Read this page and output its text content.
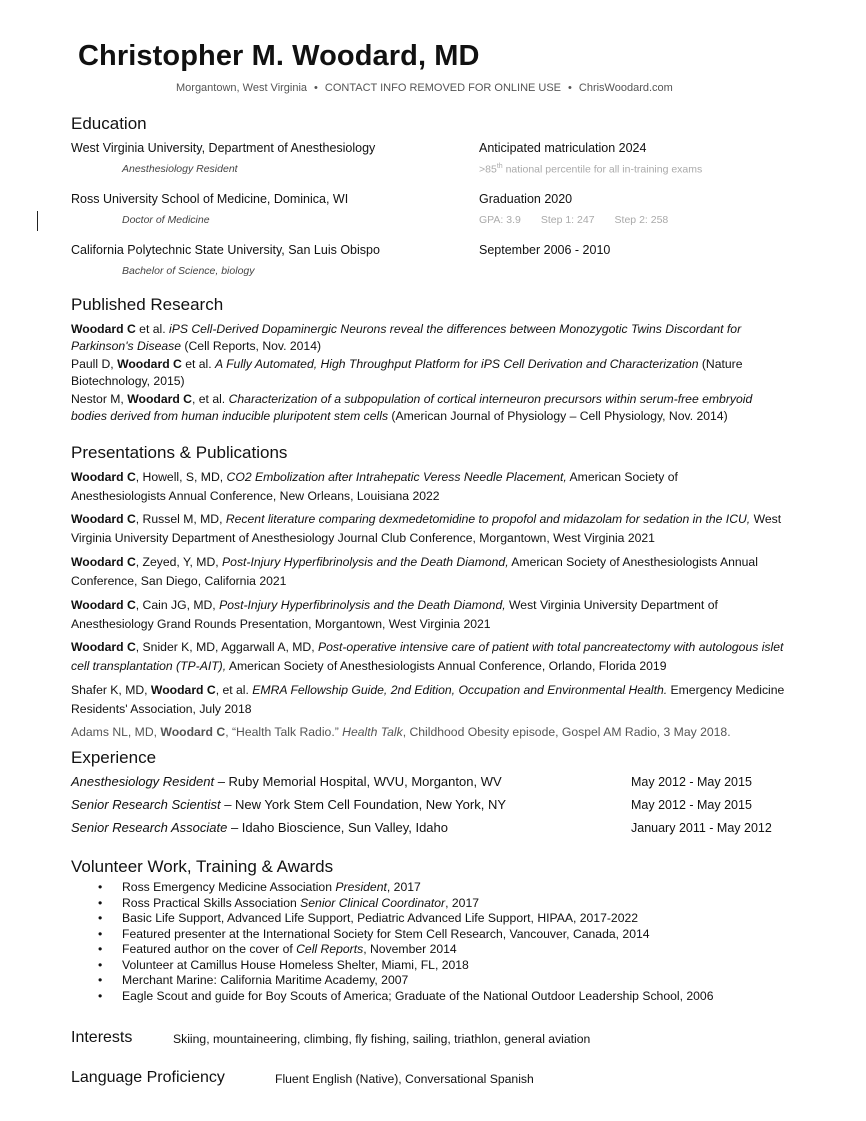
Christopher M. Woodard, MD
Morgantown, West Virginia • CONTACT INFO REMOVED FOR ONLINE USE • ChrisWoodard.com
Education
West Virginia University, Department of Anesthesiology	Anticipated matriculation 2024
Anesthesiology Resident	>85th national percentile for all in-training exams
Ross University School of Medicine, Dominica, WI	Graduation 2020
Doctor of Medicine	GPA: 3.9 Step 1: 247 Step 2: 258
California Polytechnic State University, San Luis Obispo	September 2006 - 2010
Bachelor of Science, biology
Published Research
Woodard C et al. iPS Cell-Derived Dopaminergic Neurons reveal the differences between Monozygotic Twins Discordant for Parkinson's Disease (Cell Reports, Nov. 2014)
Paull D, Woodard C et al. A Fully Automated, High Throughput Platform for iPS Cell Derivation and Characterization (Nature Biotechnology, 2015)
Nestor M, Woodard C, et al. Characterization of a subpopulation of cortical interneuron precursors within serum-free embryoid bodies derived from human inducible pluripotent stem cells (American Journal of Physiology – Cell Physiology, Nov. 2014)
Presentations & Publications
Woodard C, Howell, S, MD, CO2 Embolization after Intrahepatic Veress Needle Placement, American Society of Anesthesiologists Annual Conference, New Orleans, Louisiana 2022
Woodard C, Russel M, MD, Recent literature comparing dexmedetomidine to propofol and midazolam for sedation in the ICU, West Virginia University Department of Anesthesiology Journal Club Conference, Morgantown, West Virginia 2021
Woodard C, Zeyed, Y, MD, Post-Injury Hyperfibrinolysis and the Death Diamond, American Society of Anesthesiologists Annual Conference, San Diego, California 2021
Woodard C, Cain JG, MD, Post-Injury Hyperfibrinolysis and the Death Diamond, West Virginia University Department of Anesthesiology Grand Rounds Presentation, Morgantown, West Virginia 2021
Woodard C, Snider K, MD, Aggarwall A, MD, Post-operative intensive care of patient with total pancreatectomy with autologous islet cell transplantation (TP-AIT), American Society of Anesthesiologists Annual Conference, Orlando, Florida 2019
Shafer K, MD, Woodard C, et al. EMRA Fellowship Guide, 2nd Edition, Occupation and Environmental Health. Emergency Medicine Residents' Association, July 2018
Adams NL, MD, Woodard C, “Health Talk Radio.” Health Talk, Childhood Obesity episode, Gospel AM Radio, 3 May 2018.
Experience
Anesthesiology Resident – Ruby Memorial Hospital, WVU, Morganton, WV	May 2012 - May 2015
Senior Research Scientist – New York Stem Cell Foundation, New York, NY	May 2012 - May 2015
Senior Research Associate – Idaho Bioscience, Sun Valley, Idaho	January 2011 - May 2012
Volunteer Work, Training & Awards
• Ross Emergency Medicine Association President, 2017
• Ross Practical Skills Association Senior Clinical Coordinator, 2017
• Basic Life Support, Advanced Life Support, Pediatric Advanced Life Support, HIPAA, 2017-2022
• Featured presenter at the International Society for Stem Cell Research, Vancouver, Canada, 2014
• Featured author on the cover of Cell Reports, November 2014
• Volunteer at Camillus House Homeless Shelter, Miami, FL, 2018
• Merchant Marine: California Maritime Academy, 2007
• Eagle Scout and guide for Boy Scouts of America; Graduate of the National Outdoor Leadership School, 2006
Interests	Skiing, mountaineering, climbing, fly fishing, sailing, triathlon, general aviation
Language Proficiency	Fluent English (Native), Conversational Spanish
